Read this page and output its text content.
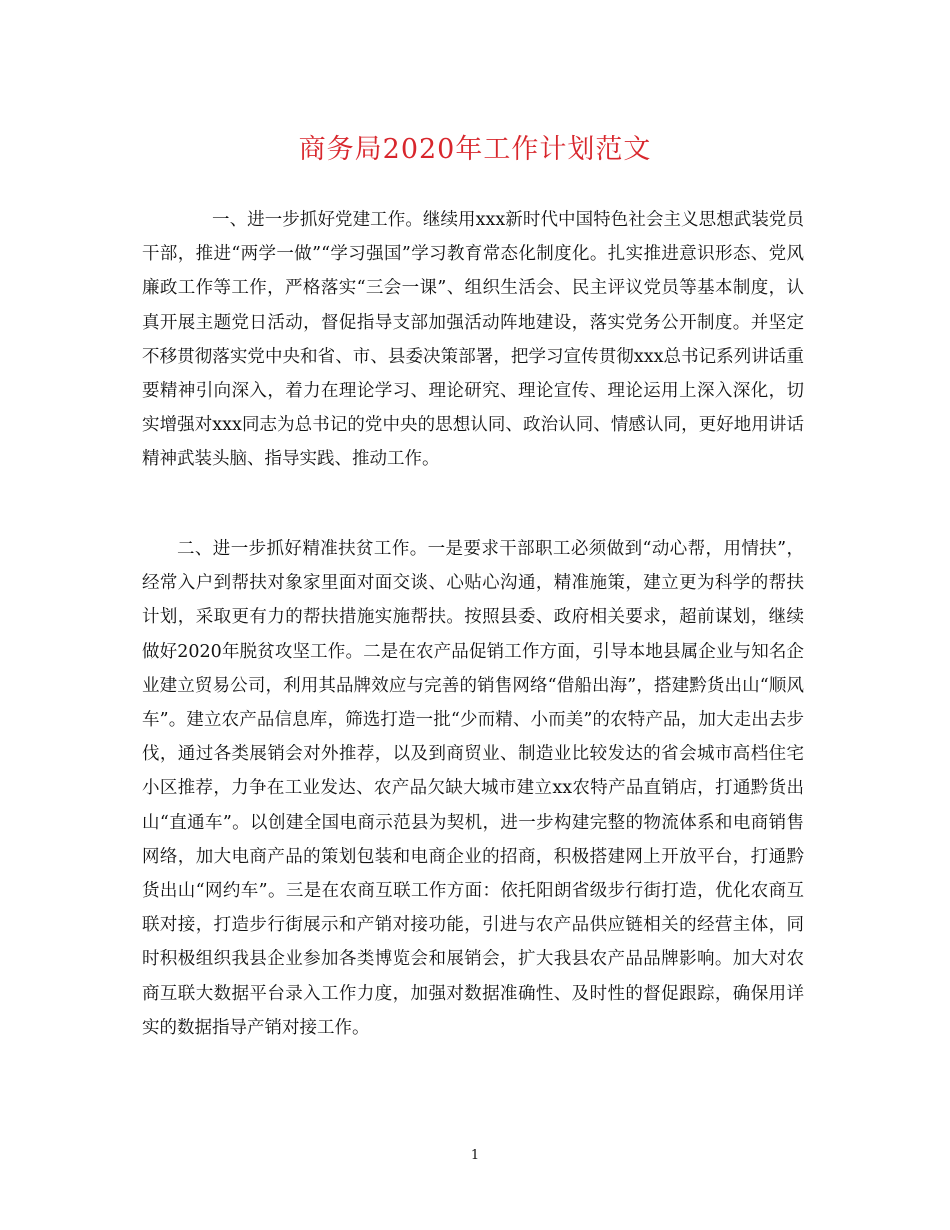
商务局2020年工作计划范文

一、进一步抓好党建工作。继续用xxx新时代中国特色社会主义思想武装党员干部，推进“两学一做”“学习强国”学习教育常态化制度化。扎实推进意识形态、党风廉政工作等工作，严格落实“三会一课”、组织生活会、民主评议党员等基本制度，认真开展主题党日活动，督促指导支部加强活动阵地建设，落实党务公开制度。并坚定不移贯彻落实党中央和省、市、县委决策部署，把学习宣传贯彻xxx总书记系列讲话重要精神引向深入，着力在理论学习、理论研究、理论宣传、理论运用上深入深化，切实增强对xxx同志为总书记的党中央的思想认同、政治认同、情感认同，更好地用讲话精神武装头脑、指导实践、推动工作。

二、进一步抓好精准扶贫工作。一是要求干部职工必须做到“动心帮，用情扶”，经常入户到帮扶对象家里面对面交谈、心贴心沟通，精准施策，建立更为科学的帮扶计划，采取更有力的帮扶措施实施帮扶。按照县委、政府相关要求，超前谋划，继续做好2020年脱贫攻坚工作。二是在农产品促销工作方面，引导本地县属企业与知名企业建立贸易公司，利用其品牌效应与完善的销售网络“借船出海”，搭建黔货出山“顺风车”。建立农产品信息库，筛选打造一批“少而精、小而美”的农特产品，加大走出去步伐，通过各类展销会对外推荐，以及到商贸业、制造业比较发达的省会城市高档住宅小区推荐，力争在工业发达、农产品欠缺大城市建立xx农特产品直销店，打通黔货出山“直通车”。以创建全国电商示范县为契机，进一步构建完整的物流体系和电商销售网络，加大电商产品的策划包装和电商企业的招商，积极搭建网上开放平台，打通黔货出山“网约车”。三是在农商互联工作方面：依托阳朗省级步行街打造，优化农商互联对接，打造步行街展示和产销对接功能，引进与农产品供应链相关的经营主体，同时积极组织我县企业参加各类博览会和展销会，扩大我县农产品品牌影响。加大对农商互联大数据平台录入工作力度，加强对数据准确性、及时性的督促跟踪，确保用详实的数据指导产销对接工作。

1
